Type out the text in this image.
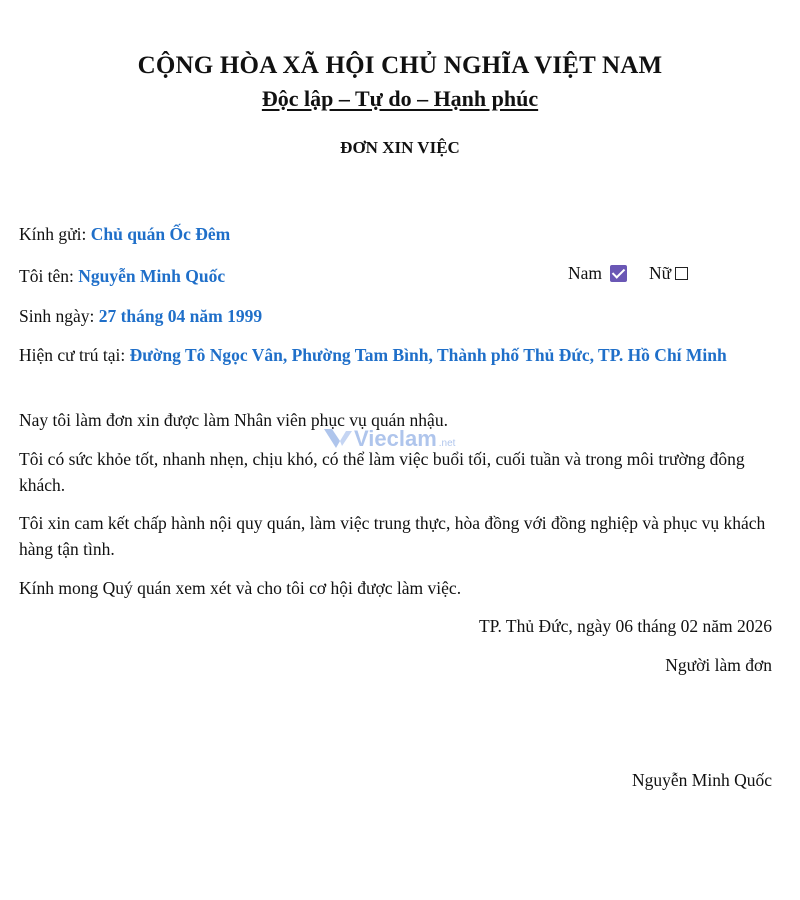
CỘNG HÒA XÃ HỘI CHỦ NGHĨA VIỆT NAM
Độc lập – Tự do – Hạnh phúc
ĐƠN XIN VIỆC
Kính gửi: Chủ quán Ốc Đêm
Tôi tên: Nguyễn Minh Quốc	Nam	Nữ
Sinh ngày: 27 tháng 04 năm 1999
Hiện cư trú tại: Đường Tô Ngọc Vân, Phường Tam Bình, Thành phố Thủ Đức, TP. Hồ Chí Minh
Nay tôi làm đơn xin được làm Nhân viên phục vụ quán nhậu.
Tôi có sức khỏe tốt, nhanh nhẹn, chịu khó, có thể làm việc buổi tối, cuối tuần và trong môi trường đông khách.
Tôi xin cam kết chấp hành nội quy quán, làm việc trung thực, hòa đồng với đồng nghiệp và phục vụ khách hàng tận tình.
Kính mong Quý quán xem xét và cho tôi cơ hội được làm việc.
TP. Thủ Đức, ngày 06 tháng 02 năm 2026
Người làm đơn
Nguyễn Minh Quốc
Vieclam .net
